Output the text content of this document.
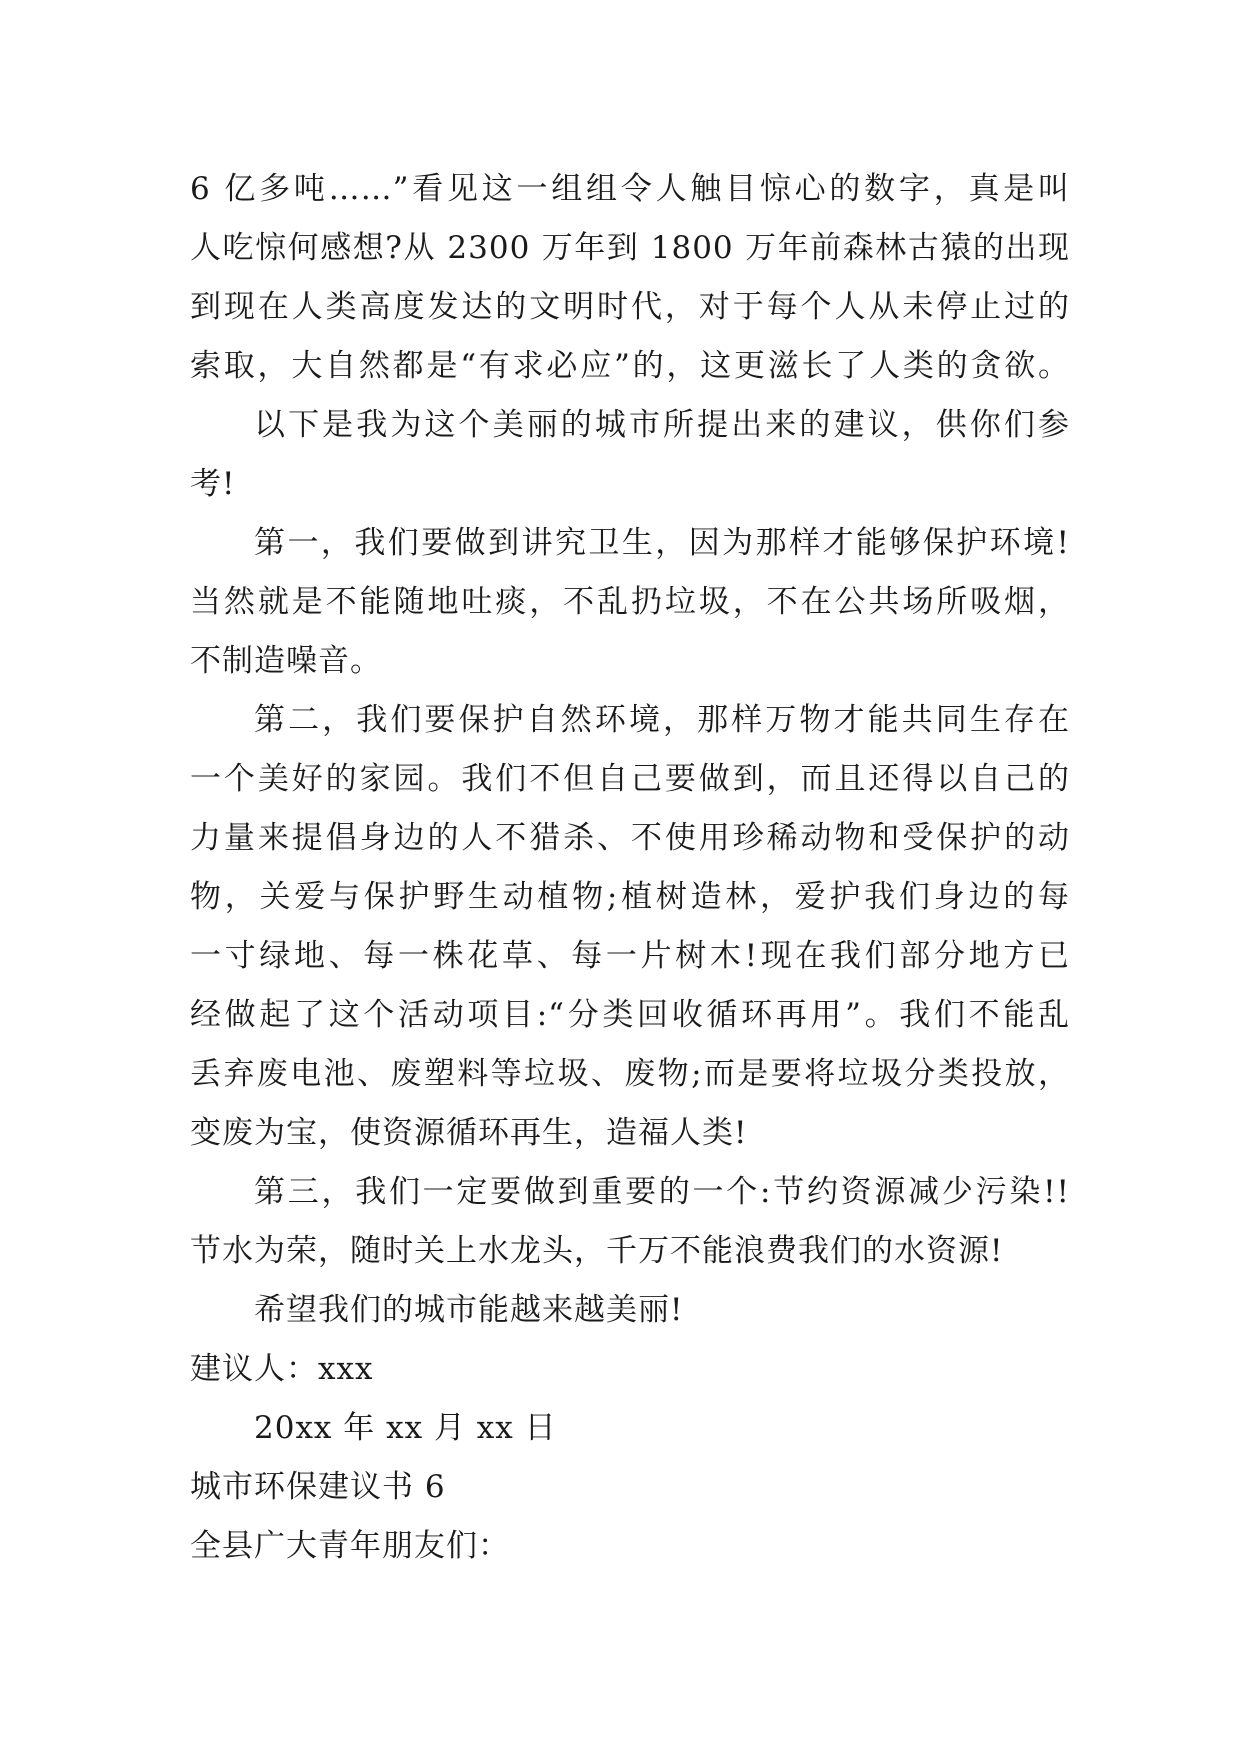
6 亿多吨……”看见这一组组令人触目惊心的数字，真是叫
人吃惊何感想?从 2300 万年到 1800 万年前森林古猿的出现
到现在人类高度发达的文明时代，对于每个人从未停止过的
索取，大自然都是“有求必应”的，这更滋长了人类的贪欲。
以下是我为这个美丽的城市所提出来的建议，供你们参
考!
第一，我们要做到讲究卫生，因为那样才能够保护环境!
当然就是不能随地吐痰，不乱扔垃圾，不在公共场所吸烟，
不制造噪音。
第二，我们要保护自然环境，那样万物才能共同生存在
一个美好的家园。我们不但自己要做到，而且还得以自己的
力量来提倡身边的人不猎杀、不使用珍稀动物和受保护的动
物，关爱与保护野生动植物;植树造林，爱护我们身边的每
一寸绿地、每一株花草、每一片树木!现在我们部分地方已
经做起了这个活动项目:“分类回收循环再用”。我们不能乱
丢弃废电池、废塑料等垃圾、废物;而是要将垃圾分类投放，
变废为宝，使资源循环再生，造福人类!
第三，我们一定要做到重要的一个:节约资源减少污染!!
节水为荣，随时关上水龙头，千万不能浪费我们的水资源!
希望我们的城市能越来越美丽!
建议人：xxx
20xx 年 xx 月 xx 日
城市环保建议书 6
全县广大青年朋友们：
